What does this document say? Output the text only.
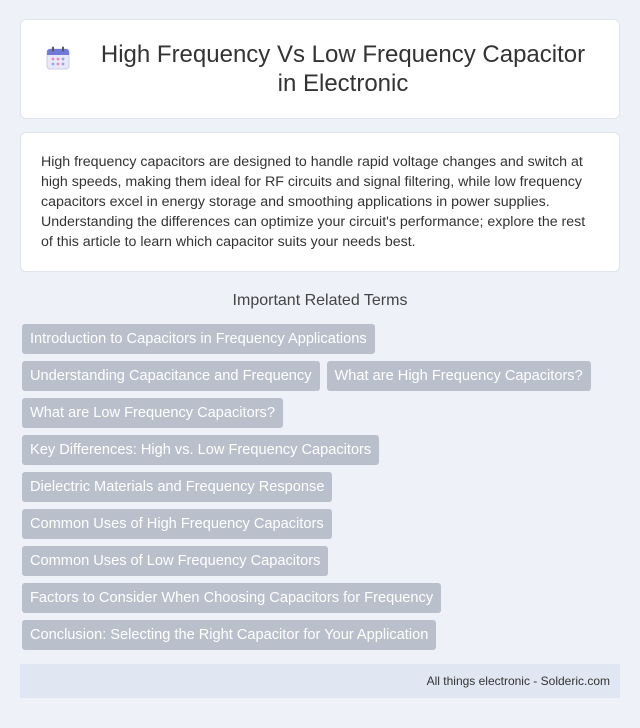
High Frequency Vs Low Frequency Capacitor in Electronic

High frequency capacitors are designed to handle rapid voltage changes and switch at high speeds, making them ideal for RF circuits and signal filtering, while low frequency capacitors excel in energy storage and smoothing applications in power supplies. Understanding the differences can optimize your circuit's performance; explore the rest of this article to learn which capacitor suits your needs best.

Important Related Terms
Introduction to Capacitors in Frequency Applications
Understanding Capacitance and Frequency	What are High Frequency Capacitors?
What are Low Frequency Capacitors?
Key Differences: High vs. Low Frequency Capacitors
Dielectric Materials and Frequency Response
Common Uses of High Frequency Capacitors
Common Uses of Low Frequency Capacitors
Factors to Consider When Choosing Capacitors for Frequency
Conclusion: Selecting the Right Capacitor for Your Application
All things electronic - Solderic.com
